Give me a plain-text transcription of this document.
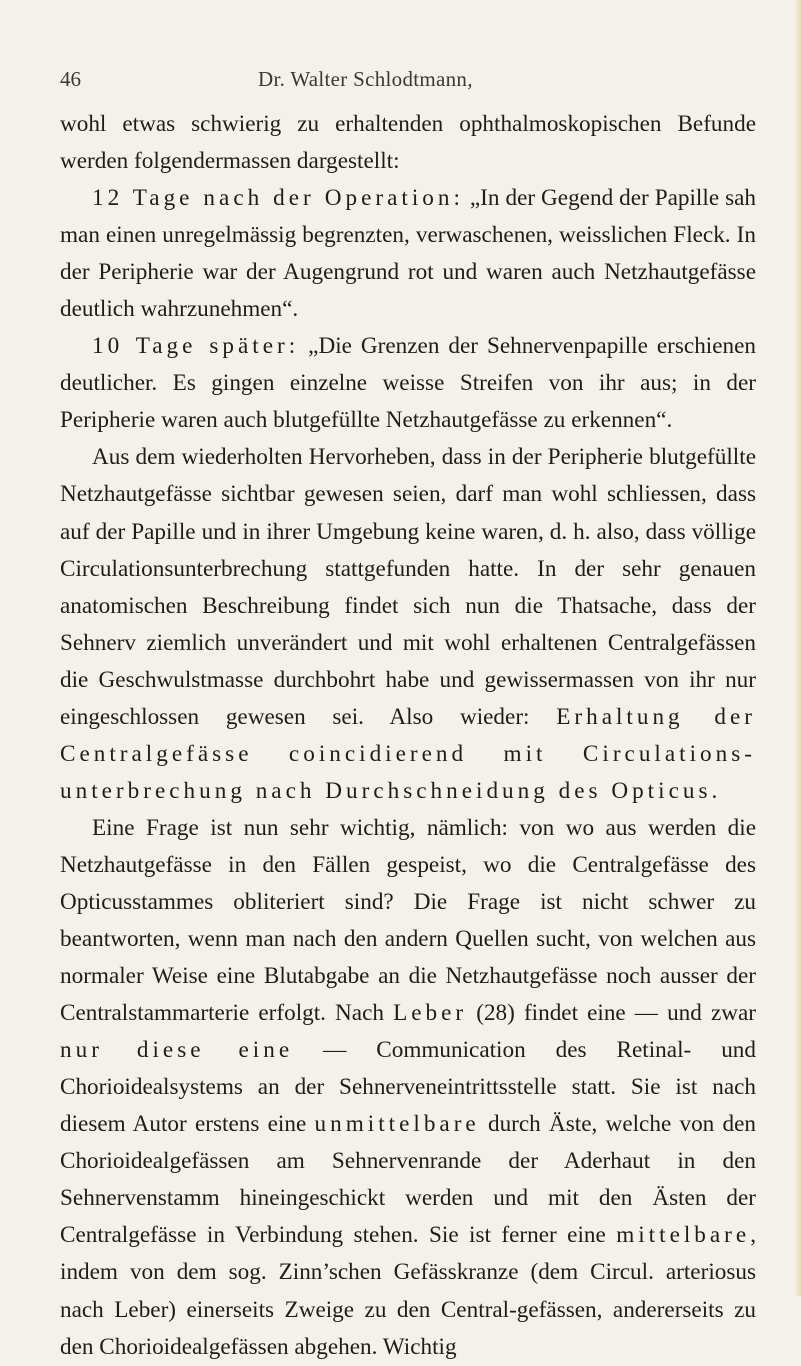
46	Dr. Walter Schlodtmann,

wohl etwas schwierig zu erhaltenden ophthalmoskopischen Befunde werden folgendermassen dargestellt:

12 Tage nach der Operation: „In der Gegend der Papille sah man einen unregelmässig begrenzten, verwaschenen, weisslichen Fleck. In der Peripherie war der Augengrund rot und waren auch Netzhautgefässe deutlich wahrzunehmen“.

10 Tage später: „Die Grenzen der Sehnervenpapille erschienen deutlicher. Es gingen einzelne weisse Streifen von ihr aus; in der Peripherie waren auch blutgefüllte Netzhautgefässe zu erkennen“.

Aus dem wiederholten Hervorheben, dass in der Peripherie blutgefüllte Netzhautgefässe sichtbar gewesen seien, darf man wohl schliessen, dass auf der Papille und in ihrer Umgebung keine waren, d. h. also, dass völlige Circulationsunterbrechung stattgefunden hatte. In der sehr genauen anatomischen Beschreibung findet sich nun die Thatsache, dass der Sehnerv ziemlich unverändert und mit wohl erhaltenen Centralgefässen die Geschwulstmasse durchbohrt habe und gewissermassen von ihr nur eingeschlossen gewesen sei. Also wieder: Erhaltung der Centralgefässe coincidierend mit Circulations-unterbrechung nach Durchschneidung des Opticus.

Eine Frage ist nun sehr wichtig, nämlich: von wo aus werden die Netzhautgefässe in den Fällen gespeist, wo die Centralgefässe des Opticusstammes obliteriert sind? Die Frage ist nicht schwer zu beantworten, wenn man nach den andern Quellen sucht, von welchen aus normaler Weise eine Blutabgabe an die Netzhautgefässe noch ausser der Centralstammarterie erfolgt. Nach Leber (28) findet eine — und zwar nur diese eine — Communication des Retinal- und Chorioidealsystems an der Sehnerveneintrittsstelle statt. Sie ist nach diesem Autor erstens eine unmittelbare durch Äste, welche von den Chorioidealgefässen am Sehnervenrande der Aderhaut in den Sehnervenstamm hineingeschickt werden und mit den Ästen der Centralgefässe in Verbindung stehen. Sie ist ferner eine mittelbare, indem von dem sog. Zinn’schen Gefässkranze (dem Circul. arteriosus nach Leber) einerseits Zweige zu den Central-gefässen, andererseits zu den Chorioidealgefässen abgehen. Wichtig
